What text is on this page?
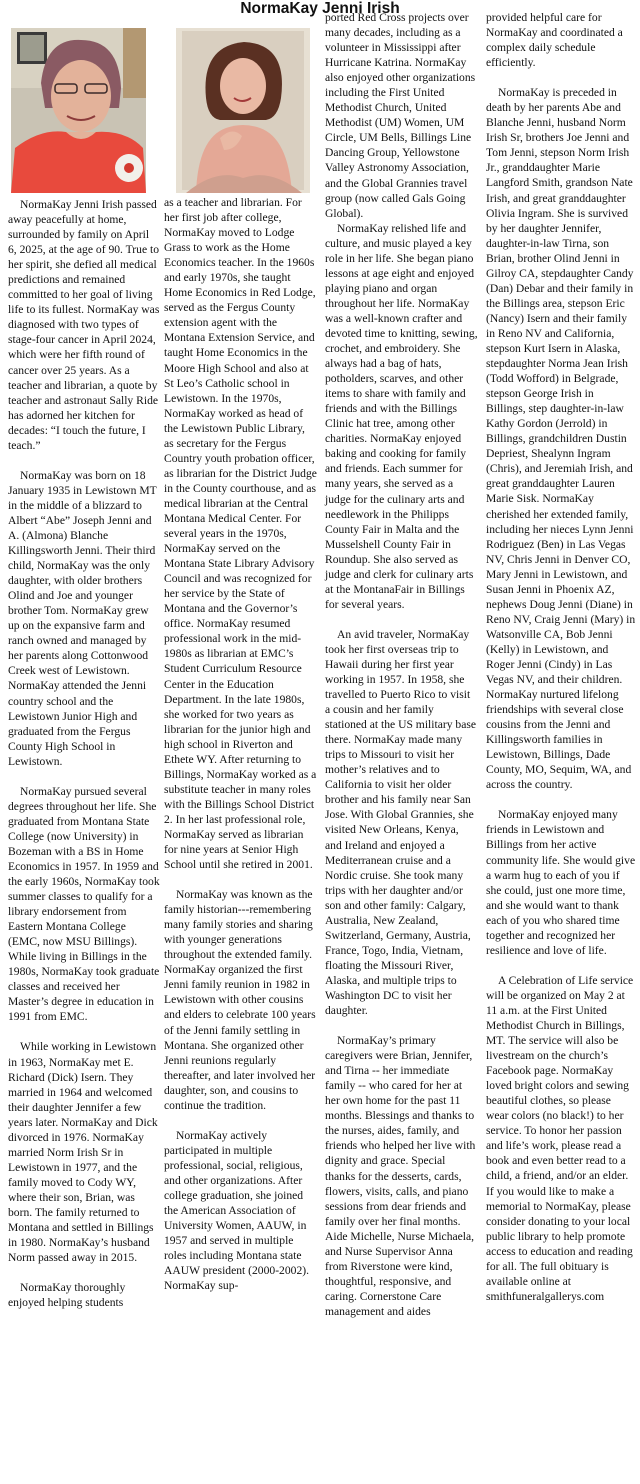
NormaKay Jenni Irish

NormaKay Jenni Irish passed away peacefully at home, surrounded by family on April 6, 2025, at the age of 90. True to her spirit, she defied all medical predictions and remained committed to her goal of living life to its fullest. NormaKay was diagnosed with two types of stage-four cancer in April 2024, which were her fifth round of cancer over 25 years. As a teacher and librarian, a quote by teacher and astronaut Sally Ride has adorned her kitchen for decades: “I touch the future, I teach.”

NormaKay was born on 18 January 1935 in Lewistown MT in the middle of a blizzard to Albert “Abe” Joseph Jenni and A. (Almona) Blanche Killingsworth Jenni. Their third child, NormaKay was the only daughter, with older brothers Olind and Joe and younger brother Tom. NormaKay grew up on the expansive farm and ranch owned and managed by her parents along Cottonwood Creek west of Lewistown. NormaKay attended the Jenni country school and the Lewistown Junior High and graduated from the Fergus County High School in Lewistown.

NormaKay pursued several degrees throughout her life. She graduated from Montana State College (now University) in Bozeman with a BS in Home Economics in 1957. In 1959 and the early 1960s, NormaKay took summer classes to qualify for a library endorsement from Eastern Montana College (EMC, now MSU Billings). While living in Billings in the 1980s, NormaKay took graduate classes and received her Master’s degree in education in 1991 from EMC.

While working in Lewistown in 1963, NormaKay met E. Richard (Dick) Isern. They married in 1964 and welcomed their daughter Jennifer a few years later. NormaKay and Dick divorced in 1976. NormaKay married Norm Irish Sr in Lewistown in 1977, and the family moved to Cody WY, where their son, Brian, was born. The family returned to Montana and settled in Billings in 1980. NormaKay’s husband Norm passed away in 2015.

NormaKay thoroughly enjoyed helping students

as a teacher and librarian. For her first job after college, NormaKay moved to Lodge Grass to work as the Home Economics teacher. In the 1960s and early 1970s, she taught Home Economics in Red Lodge, served as the Fergus County extension agent with the Montana Extension Service, and taught Home Economics in the Moore High School and also at St Leo’s Catholic school in Lewistown. In the 1970s, NormaKay worked as head of the Lewistown Public Library, as secretary for the Fergus Country youth probation officer, as librarian for the District Judge in the County courthouse, and as medical librarian at the Central Montana Medical Center. For several years in the 1970s, NormaKay served on the Montana State Library Advisory Council and was recognized for her service by the State of Montana and the Governor’s office. NormaKay resumed professional work in the mid-1980s as librarian at EMC’s Student Curriculum Resource Center in the Education Department. In the late 1980s, she worked for two years as librarian for the junior high and high school in Riverton and Ethete WY. After returning to Billings, NormaKay worked as a substitute teacher in many roles with the Billings School District 2. In her last professional role, NormaKay served as librarian for nine years at Senior High School until she retired in 2001.

NormaKay was known as the family historian---remembering many family stories and sharing with younger generations throughout the extended family. NormaKay organized the first Jenni family reunion in 1982 in Lewistown with other cousins and elders to celebrate 100 years of the Jenni family settling in Montana. She organized other Jenni reunions regularly thereafter, and later involved her daughter, son, and cousins to continue the tradition.

NormaKay actively participated in multiple professional, social, religious, and other organizations. After college graduation, she joined the American Association of University Women, AAUW, in 1957 and served in multiple roles including Montana state AAUW president (2000-2002). NormaKay sup-

ported Red Cross projects over many decades, including as a volunteer in Mississippi after Hurricane Katrina. NormaKay also enjoyed other organizations including the First United Methodist Church, United Methodist (UM) Women, UM Circle, UM Bells, Billings Line Dancing Group, Yellowstone Valley Astronomy Association, and the Global Grannies travel group (now called Gals Going Global).

NormaKay relished life and culture, and music played a key role in her life. She began piano lessons at age eight and enjoyed playing piano and organ throughout her life. NormaKay was a well-known crafter and devoted time to knitting, sewing, crochet, and embroidery. She always had a bag of hats, potholders, scarves, and other items to share with family and friends and with the Billings Clinic hat tree, among other charities. NormaKay enjoyed baking and cooking for family and friends. Each summer for many years, she served as a judge for the culinary arts and needlework in the Philipps County Fair in Malta and the Musselshell County Fair in Roundup. She also served as judge and clerk for culinary arts at the MontanaFair in Billings for several years.

An avid traveler, NormaKay took her first overseas trip to Hawaii during her first year working in 1957. In 1958, she travelled to Puerto Rico to visit a cousin and her family stationed at the US military base there. NormaKay made many trips to Missouri to visit her mother’s relatives and to California to visit her older brother and his family near San Jose. With Global Grannies, she visited New Orleans, Kenya, and Ireland and enjoyed a Mediterranean cruise and a Nordic cruise. She took many trips with her daughter and/or son and other family: Calgary, Australia, New Zealand, Switzerland, Germany, Austria, France, Togo, India, Vietnam, floating the Missouri River, Alaska, and multiple trips to Washington DC to visit her daughter.

NormaKay’s primary caregivers were Brian, Jennifer, and Tirna -- her immediate family -- who cared for her at her own home for the past 11 months. Blessings and thanks to the nurses, aides, family, and friends who helped her live with dignity and grace. Special thanks for the desserts, cards, flowers, visits, calls, and piano sessions from dear friends and family over her final months. Aide Michelle, Nurse Michaela, and Nurse Supervisor Anna from Riverstone were kind, thoughtful, responsive, and caring. Cornerstone Care management and aides

provided helpful care for NormaKay and coordinated a complex daily schedule efficiently.

NormaKay is preceded in death by her parents Abe and Blanche Jenni, husband Norm Irish Sr, brothers Joe Jenni and Tom Jenni, stepson Norm Irish Jr., granddaughter Marie Langford Smith, grandson Nate Irish, and great granddaughter Olivia Ingram. She is survived by her daughter Jennifer, daughter-in-law Tirna, son Brian, brother Olind Jenni in Gilroy CA, stepdaughter Candy (Dan) Debar and their family in the Billings area, stepson Eric (Nancy) Isern and their family in Reno NV and California, stepson Kurt Isern in Alaska, stepdaughter Norma Jean Irish (Todd Wofford) in Belgrade, stepson George Irish in Billings, step daughter-in-law Kathy Gordon (Jerrold) in Billings, grandchildren Dustin Depriest, Shealynn Ingram (Chris), and Jeremiah Irish, and great granddaughter Lauren Marie Sisk. NormaKay cherished her extended family, including her nieces Lynn Jenni Rodriguez (Ben) in Las Vegas NV, Chris Jenni in Denver CO, Mary Jenni in Lewistown, and Susan Jenni in Phoenix AZ, nephews Doug Jenni (Diane) in Reno NV, Craig Jenni (Mary) in Watsonville CA, Bob Jenni (Kelly) in Lewistown, and Roger Jenni (Cindy) in Las Vegas NV, and their children. NormaKay nurtured lifelong friendships with several close cousins from the Jenni and Killingsworth families in Lewistown, Billings, Dade County, MO, Sequim, WA, and across the country.

NormaKay enjoyed many friends in Lewistown and Billings from her active community life. She would give a warm hug to each of you if she could, just one more time, and she would want to thank each of you who shared time together and recognized her resilience and love of life.

A Celebration of Life service will be organized on May 2 at 11 a.m. at the First United Methodist Church in Billings, MT. The service will also be livestream on the church’s Facebook page. NormaKay loved bright colors and sewing beautiful clothes, so please wear colors (no black!) to her service. To honor her passion and life’s work, please read a book and even better read to a child, a friend, and/or an elder. If you would like to make a memorial to NormaKay, please consider donating to your local public library to help promote access to education and reading for all. The full obituary is available online at smithfuneralgallerys.com
